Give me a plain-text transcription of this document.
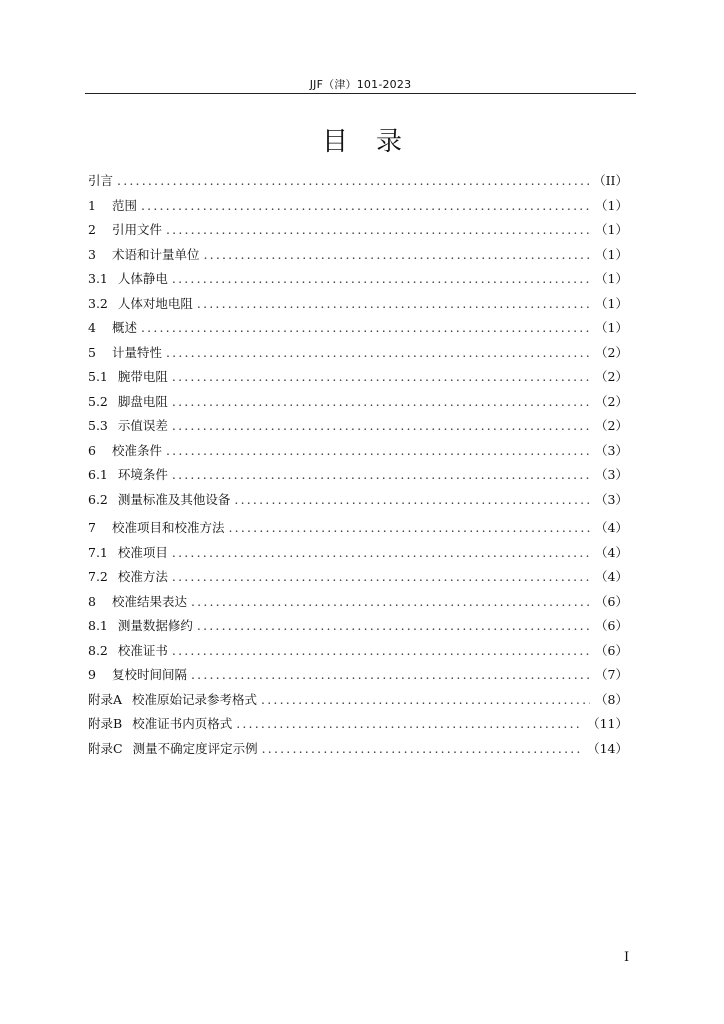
JJF（津）101-2023
目录
引言 .....	（II）
1 范围 .....	（1）
2 引用文件 .....	（1）
3 术语和计量单位 .....	（1）
3.1 人体静电 .....	（1）
3.2 人体对地电阻 .....	（1）
4 概述 .....	（1）
5 计量特性 .....	（2）
5.1 腕带电阻 .....	（2）
5.2 脚盘电阻 .....	（2）
5.3 示值误差 .....	（2）
6 校准条件 .....	（3）
6.1 环境条件 .....	（3）
6.2 测量标准及其他设备 .....	（3）
7 校准项目和校准方法 .....	（4）
7.1 校准项目 .....	（4）
7.2 校准方法 .....	（4）
8 校准结果表达 .....	（6）
8.1 测量数据修约 .....	（6）
8.2 校准证书 .....	（6）
9 复校时间间隔 .....	（7）
附录A 校准原始记录参考格式 .....	（8）
附录B 校准证书内页格式 .....	（11）
附录C 测量不确定度评定示例 .....	（14）
I
